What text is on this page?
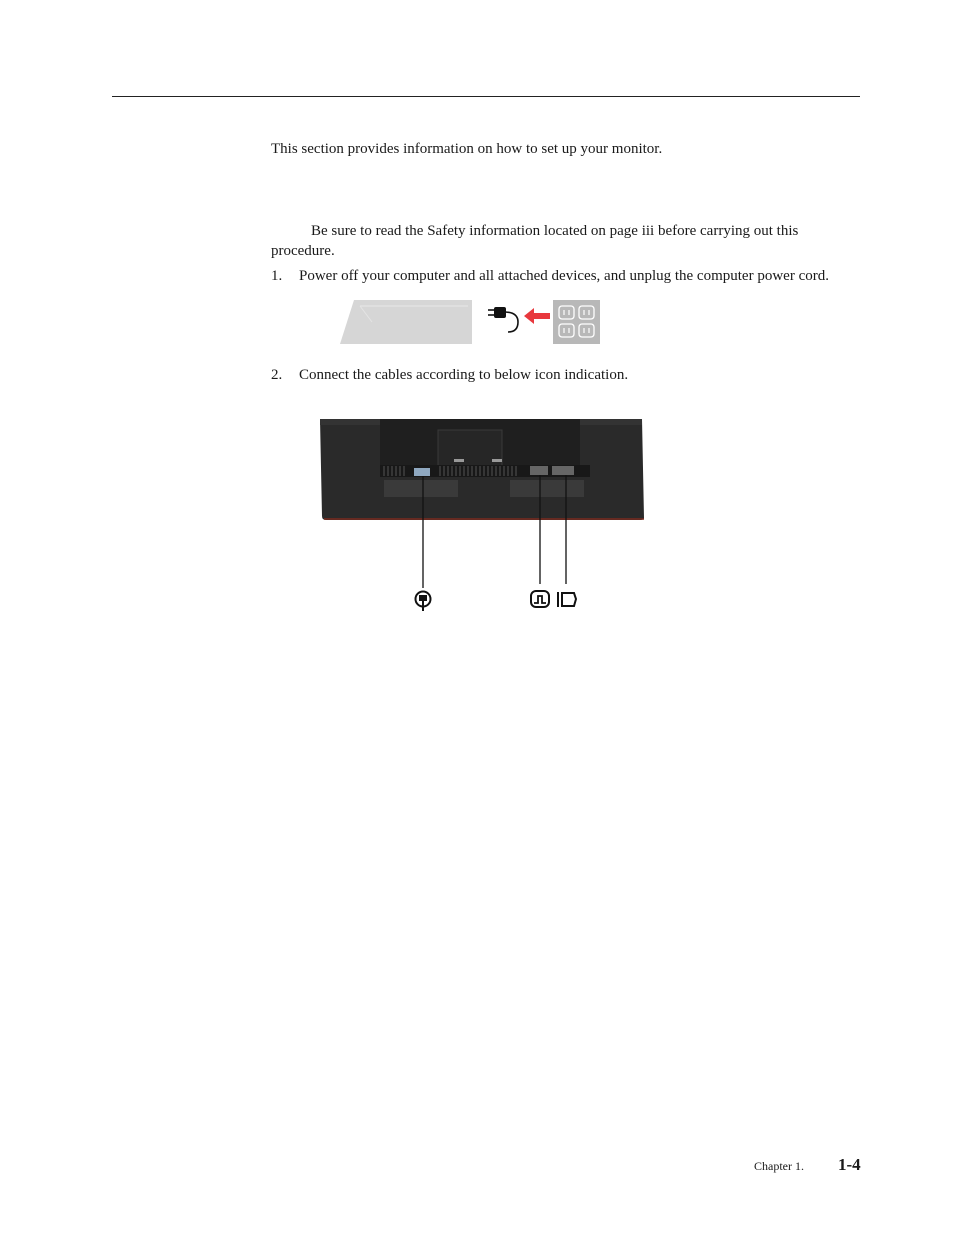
This section provides information on how to set up your monitor.
Be sure to read the Safety information located on page iii before carrying out this procedure.
1. Power off your computer and all attached devices, and unplug the computer power cord.
2. Connect the cables according to below icon indication.
Chapter 1. 1-4
